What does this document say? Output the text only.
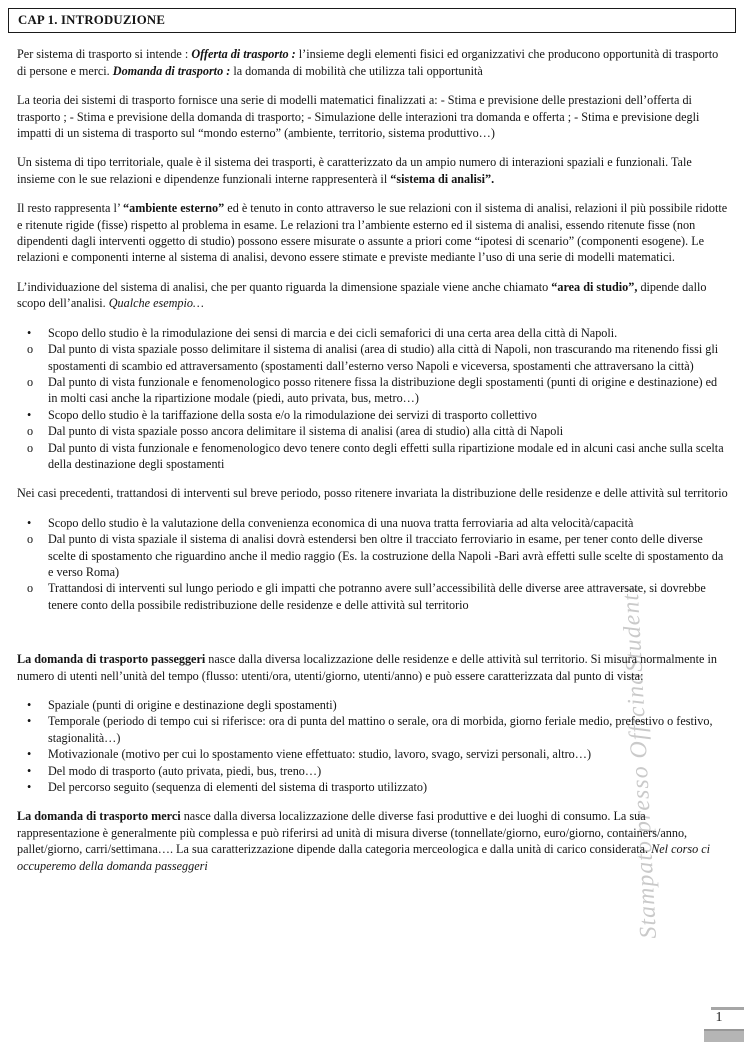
CAP 1. INTRODUZIONE

Per sistema di trasporto si intende : Offerta di trasporto : l’insieme degli elementi fisici ed organizzativi che producono opportunità di trasporto di persone e merci. Domanda di trasporto : la domanda di mobilità che utilizza tali opportunità

La teoria dei sistemi di trasporto fornisce una serie di modelli matematici finalizzati a: - Stima e previsione delle prestazioni dell’offerta di trasporto ; - Stima e previsione della domanda di trasporto; - Simulazione delle interazioni tra domanda e offerta ; - Stima e previsione degli impatti di un sistema di trasporto sul “mondo esterno” (ambiente, territorio, sistema produttivo…)

Un sistema di tipo territoriale, quale è il sistema dei trasporti, è caratterizzato da un ampio numero di interazioni spaziali e funzionali. Tale insieme con le sue relazioni e dipendenze funzionali interne rappresenterà il “sistema di analisi”.

Il resto rappresenta l’ “ambiente esterno” ed è tenuto in conto attraverso le sue relazioni con il sistema di analisi, relazioni il più possibile ridotte e ritenute rigide (fisse) rispetto al problema in esame. Le relazioni tra l’ambiente esterno ed il sistema di analisi, essendo ritenute fisse (non dipendenti dagli interventi oggetto di studio) possono essere misurate o assunte a priori come “ipotesi di scenario” (componenti esogene). Le relazioni e componenti interne al sistema di analisi, devono essere stimate e previste mediante l’uso di una serie di modelli matematici.

L’individuazione del sistema di analisi, che per quanto riguarda la dimensione spaziale viene anche chiamato “area di studio”, dipende dallo scopo dell’analisi. Qualche esempio…

•	Scopo dello studio è la rimodulazione dei sensi di marcia e dei cicli semaforici di una certa area della città di Napoli.
o	Dal punto di vista spaziale posso delimitare il sistema di analisi (area di studio) alla città di Napoli, non trascurando ma ritenendo fissi gli spostamenti di scambio ed attraversamento (spostamenti dall’esterno verso Napoli e viceversa, spostamenti che attraversano la città)
o	Dal punto di vista funzionale e fenomenologico posso ritenere fissa la distribuzione degli spostamenti (punti di origine e destinazione) ed in molti casi anche la ripartizione modale (piedi, auto privata, bus, metro…)
•	Scopo dello studio è la tariffazione della sosta e/o la rimodulazione dei servizi di trasporto collettivo
o	Dal punto di vista spaziale posso ancora delimitare il sistema di analisi (area di studio) alla città di Napoli
o	Dal punto di vista funzionale e fenomenologico devo tenere conto degli effetti sulla ripartizione modale ed in alcuni casi anche sulla scelta della destinazione degli spostamenti

Nei casi precedenti, trattandosi di interventi sul breve periodo, posso ritenere invariata la distribuzione delle residenze e delle attività sul territorio

•	Scopo dello studio è la valutazione della convenienza economica di una nuova tratta ferroviaria ad alta velocità/capacità
o	Dal punto di vista spaziale il sistema di analisi dovrà estendersi ben oltre il tracciato ferroviario in esame, per tener conto delle diverse scelte di spostamento che riguardino anche il medio raggio (Es. la costruzione della Napoli -Bari avrà effetti sulle scelte di spostamento da e verso Roma)
o	Trattandosi di interventi sul lungo periodo e gli impatti che potranno avere sull’accessibilità delle diverse aree attraversate, si dovrebbe tenere conto della possibile redistribuzione delle residenze e delle attività sul territorio

La domanda di trasporto passeggeri nasce dalla diversa localizzazione delle residenze e delle attività sul territorio. Si misura normalmente in numero di utenti nell’unità del tempo (flusso: utenti/ora, utenti/giorno, utenti/anno) e può essere caratterizzata dal punto di vista:

•	Spaziale (punti di origine e destinazione degli spostamenti)
•	Temporale (periodo di tempo cui si riferisce: ora di punta del mattino o serale, ora di morbida, giorno feriale medio, prefestivo o festivo, stagionalità…)
•	Motivazionale (motivo per cui lo spostamento viene effettuato: studio, lavoro, svago, servizi personali, altro…)
•	Del modo di trasporto (auto privata, piedi, bus, treno…)
•	Del percorso seguito (sequenza di elementi del sistema di trasporto utilizzato)

La domanda di trasporto merci nasce dalla diversa localizzazione delle diverse fasi produttive e dei luoghi di consumo. La sua rappresentazione è generalmente più complessa e può riferirsi ad unità di misura diverse (tonnellate/giorno, euro/giorno, containers/anno, pallet/giorno, carri/settimana…. La sua caratterizzazione dipende dalla categoria merceologica e dalla unità di carico considerata. Nel corso ci occuperemo della domanda passeggeri	Stampato presso OfficinaStudenti
1
